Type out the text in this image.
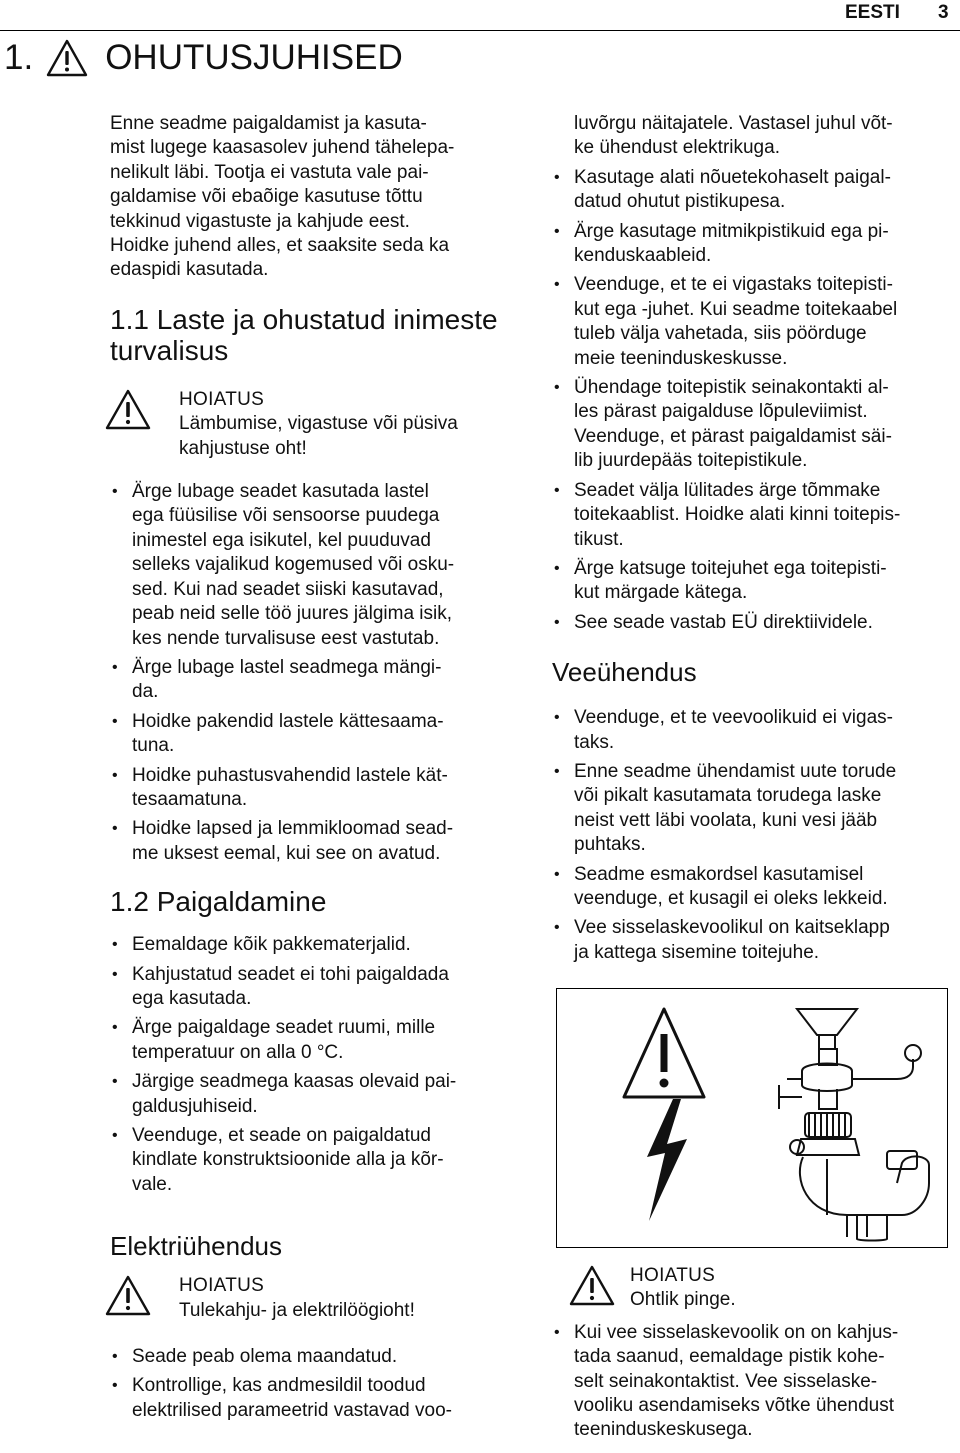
EESTI 3
1. OHUTUSJUHISED

Enne seadme paigaldamist ja kasuta-
mist lugege kaasasolev juhend tähelepa-
nelikult läbi. Tootja ei vastuta vale pai-
galdamise või ebaõige kasutuse tõttu
tekkinud vigastuste ja kahjude eest.
Hoidke juhend alles, et saaksite seda ka
edaspidi kasutada.

1.1 Laste ja ohustatud inimeste
turvalisus
HOIATUS
Lämbumise, vigastuse või püsiva
kahjustuse oht!
• Ärge lubage seadet kasutada lastel
ega füüsilise või sensoorse puudega
inimestel ega isikutel, kel puuduvad
selleks vajalikud kogemused või osku-
sed. Kui nad seadet siiski kasutavad,
peab neid selle töö juures jälgima isik,
kes nende turvalisuse eest vastutab.
• Ärge lubage lastel seadmega mängi-
da.
• Hoidke pakendid lastele kättesaama-
tuna.
• Hoidke puhastusvahendid lastele kät-
tesaamatuna.
• Hoidke lapsed ja lemmikloomad sead-
me uksest eemal, kui see on avatud.
1.2 Paigaldamine
• Eemaldage kõik pakkematerjalid.
• Kahjustatud seadet ei tohi paigaldada
ega kasutada.
• Ärge paigaldage seadet ruumi, mille
temperatuur on alla 0 °C.
• Järgige seadmega kaasas olevaid pai-
galdusjuhiseid.
• Veenduge, et seade on paigaldatud
kindlate konstruktsioonide alla ja kõr-
vale.
Elektriühendus
HOIATUS
Tulekahju- ja elektrilöögioht!
• Seade peab olema maandatud.
• Kontrollige, kas andmesildil toodud
elektrilised parameetrid vastavad voo-

luvõrgu näitajatele. Vastasel juhul võt-
ke ühendust elektrikuga.

• Kasutage alati nõuetekohaselt paigal-
datud ohutut pistikupesa.
• Ärge kasutage mitmikpistikuid ega pi-
kenduskaableid.
• Veenduge, et te ei vigastaks toitepisti-
kut ega -juhet. Kui seadme toitekaabel
tuleb välja vahetada, siis pöörduge
meie teeninduskeskusse.
• Ühendage toitepistik seinakontakti al-
les pärast paigalduse lõpuleviimist.
Veenduge, et pärast paigaldamist säi-
lib juurdepääs toitepistikule.
• Seadet välja lülitades ärge tõmmake
toitekaablist. Hoidke alati kinni toitepis-
tikust.
• Ärge katsuge toitejuhet ega toitepisti-
kut märgade kätega.
• See seade vastab EÜ direktiividele.
Veeühendus
• Veenduge, et te veevoolikuid ei vigas-
taks.
• Enne seadme ühendamist uute torude
või pikalt kasutamata torudega laske
neist vett läbi voolata, kuni vesi jääb
puhtaks.
• Seadme esmakordsel kasutamisel
veenduge, et kusagil ei oleks lekkeid.
• Vee sisselaskevoolikul on kaitseklapp
ja kattega sisemine toitejuhe.
HOIATUS
Ohtlik pinge.
• Kui vee sisselaskevoolik on on kahjus-
tada saanud, eemaldage pistik kohe-
selt seinakontaktist. Vee sisselaske-
vooliku asendamiseks võtke ühendust
teeninduskeskusega.
